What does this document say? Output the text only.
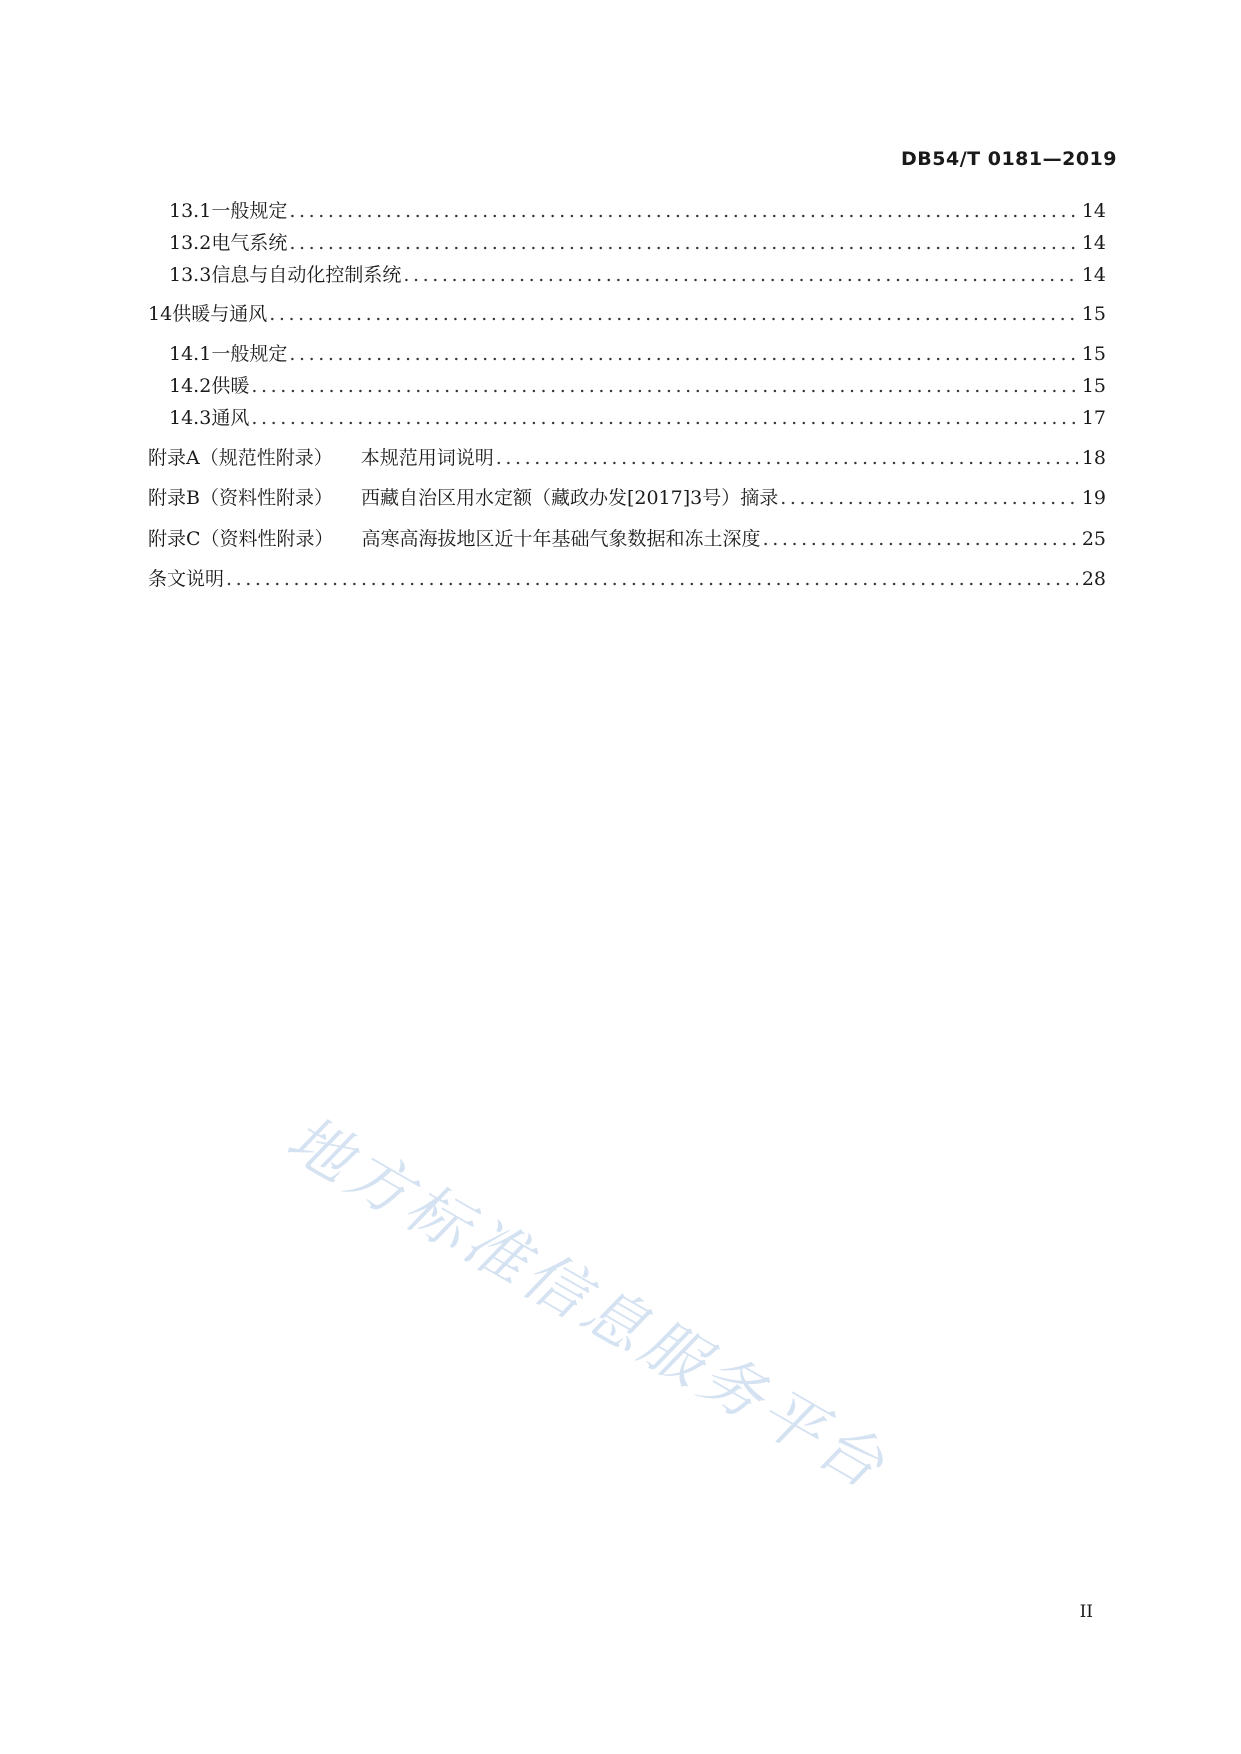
DB54/T 0181—2019
13.1 一般规定 .....	14
13.2 电气系统 .....	14
13.3 信息与自动化控制系统 .....	14
14 供暖与通风 .....	15
14.1 一般规定 .....	15
14.2 供暖 .....	15
14.3 通风 .....	17
附录A（规范性附录） 本规范用词说明 .....	18
附录B（资料性附录） 西藏自治区用水定额（藏政办发[2017]3号）摘录 .....	19
附录C（资料性附录） 高寒高海拔地区近十年基础气象数据和冻土深度 .....	25
条文说明 .....	28
地方标准信息服务平台
II
